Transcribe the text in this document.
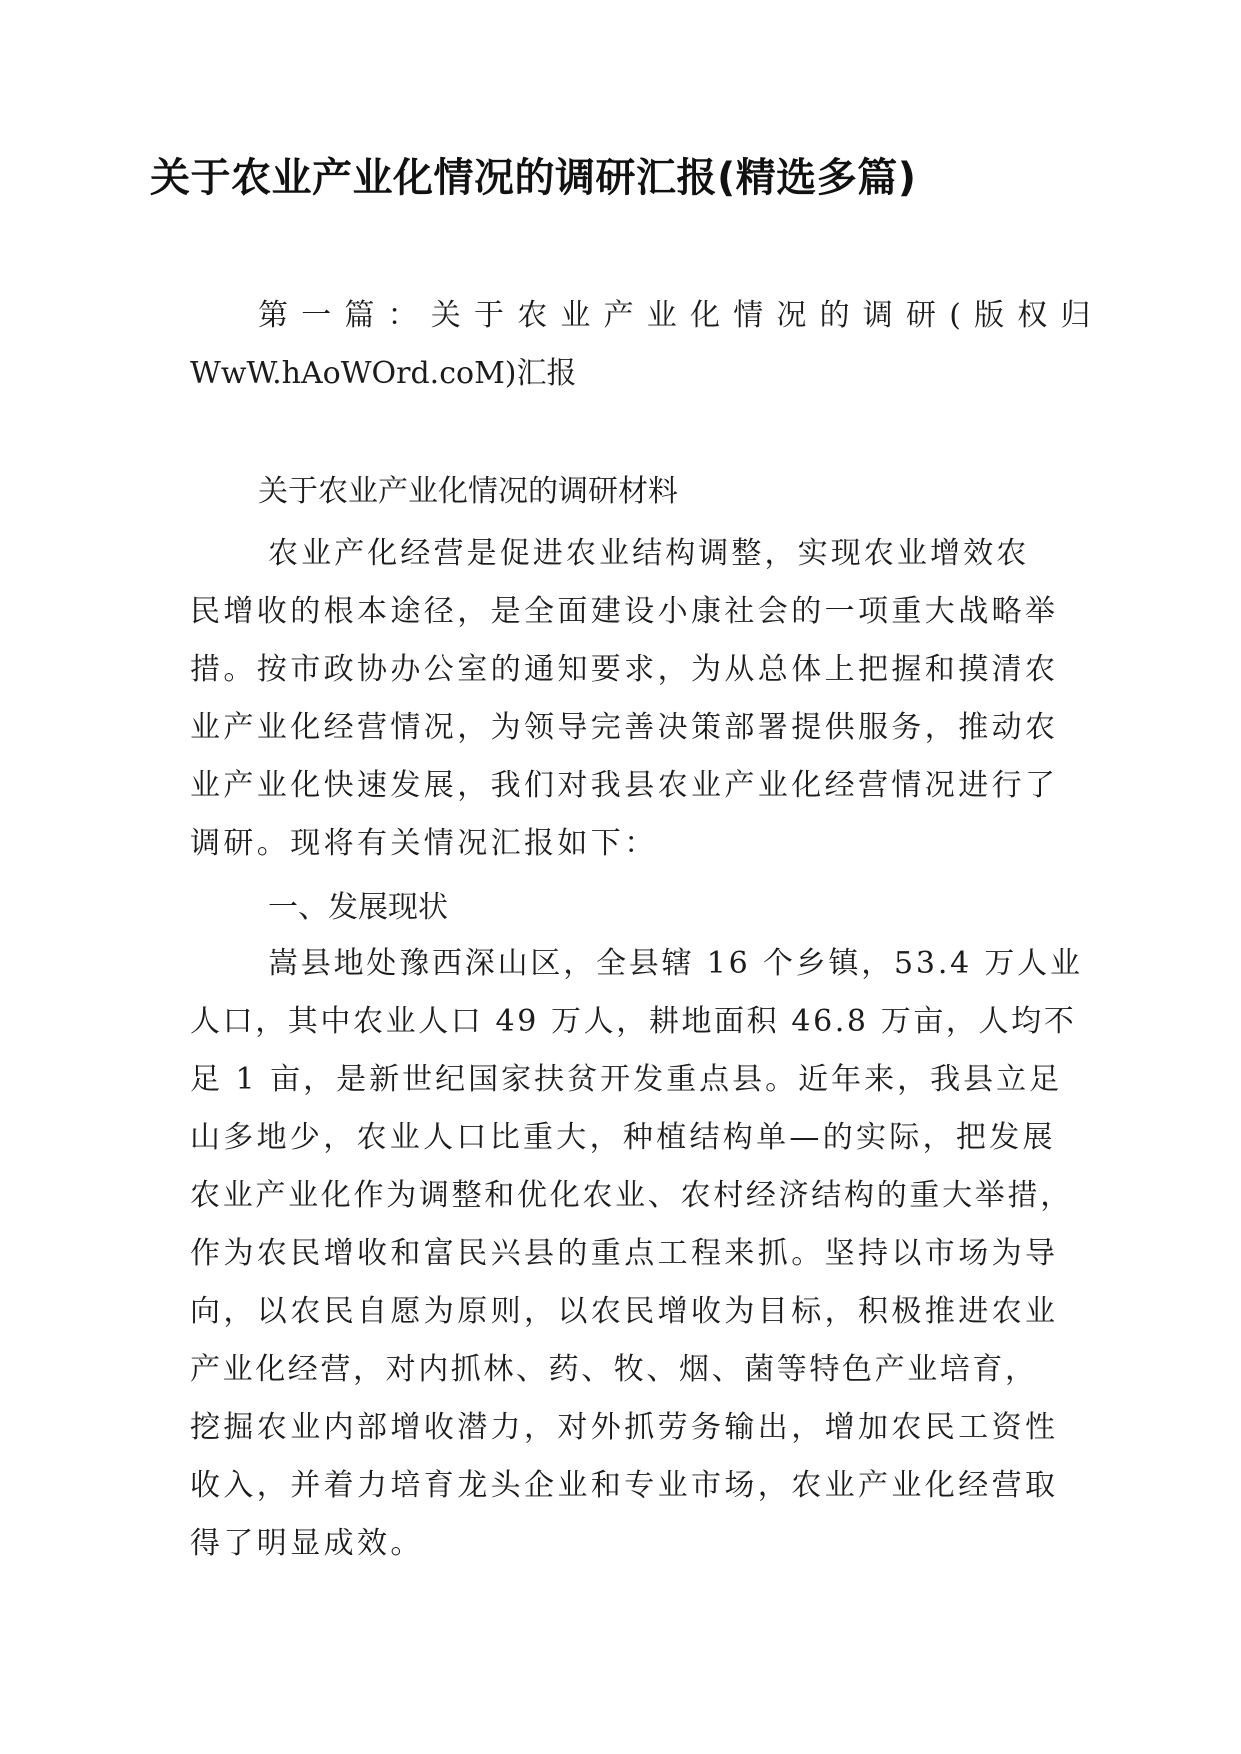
关于农业产业化情况的调研汇报(精选多篇)
第一篇：关于农业产业化情况的调研(版权归
WwW.hAoWOrd.coM)汇报
关于农业产业化情况的调研材料
农业产化经营是促进农业结构调整，实现农业增效农
民增收的根本途径，是全面建设小康社会的一项重大战略举
措。按市政协办公室的通知要求，为从总体上把握和摸清农
业产业化经营情况，为领导完善决策部署提供服务，推动农
业产业化快速发展，我们对我县农业产业化经营情况进行了
调研。现将有关情况汇报如下：
一、发展现状
嵩县地处豫西深山区，全县辖 16 个乡镇，53.4 万人业
人口，其中农业人口 49 万人，耕地面积 46.8 万亩，人均不
足 1 亩，是新世纪国家扶贫开发重点县。近年来，我县立足
山多地少，农业人口比重大，种植结构单—的实际，把发展
农业产业化作为调整和优化农业、农村经济结构的重大举措，
作为农民增收和富民兴县的重点工程来抓。坚持以市场为导
向，以农民自愿为原则，以农民增收为目标，积极推进农业
产业化经营，对内抓林、药、牧、烟、菌等特色产业培育，
挖掘农业内部增收潜力，对外抓劳务输出，增加农民工资性
收入，并着力培育龙头企业和专业市场，农业产业化经营取
得了明显成效。
